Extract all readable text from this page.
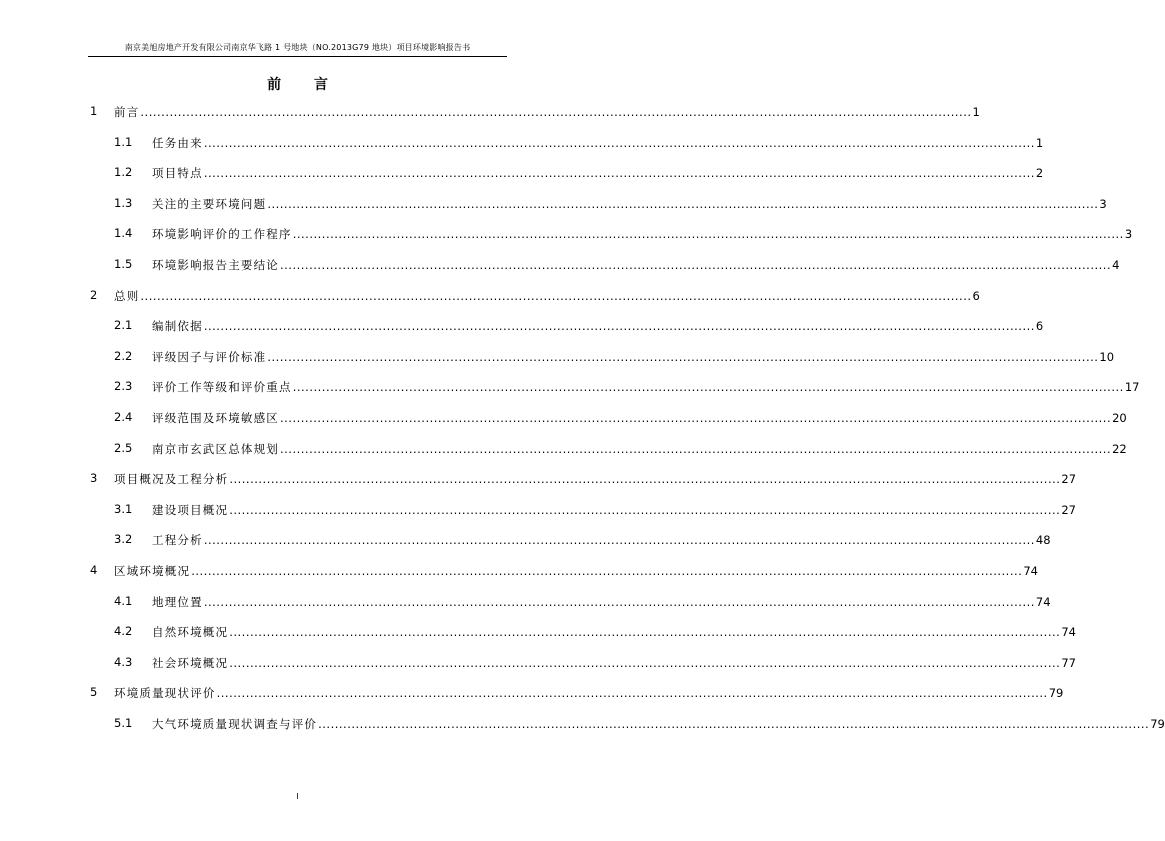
南京美旭房地产开发有限公司南京华飞路 1 号地块（NO.2013G79 地块）项目环境影响报告书
前 言
1 前言 ........................................................................................................................................................................................................ 1
1.1 任务由来 ........................................................................................................................................................................................................ 1
1.2 项目特点 ........................................................................................................................................................................................................ 2
1.3 关注的主要环境问题 ........................................................................................................................................................................................................ 3
1.4 环境影响评价的工作程序 ........................................................................................................................................................................................................ 3
1.5 环境影响报告主要结论 ........................................................................................................................................................................................................ 4
2 总则 ........................................................................................................................................................................................................ 6
2.1 编制依据 ........................................................................................................................................................................................................ 6
2.2 评级因子与评价标准 ........................................................................................................................................................................................................ 10
2.3 评价工作等级和评价重点 ........................................................................................................................................................................................................ 17
2.4 评级范围及环境敏感区 ........................................................................................................................................................................................................ 20
2.5 南京市玄武区总体规划 ........................................................................................................................................................................................................ 22
3 项目概况及工程分析 ........................................................................................................................................................................................................ 27
3.1 建设项目概况 ........................................................................................................................................................................................................ 27
3.2 工程分析 ........................................................................................................................................................................................................ 48
4 区域环境概况 ........................................................................................................................................................................................................ 74
4.1 地理位置 ........................................................................................................................................................................................................ 74
4.2 自然环境概况 ........................................................................................................................................................................................................ 74
4.3 社会环境概况 ........................................................................................................................................................................................................ 77
5 环境质量现状评价 ........................................................................................................................................................................................................ 79
5.1 大气环境质量现状调查与评价 ........................................................................................................................................................................................................ 79
I
